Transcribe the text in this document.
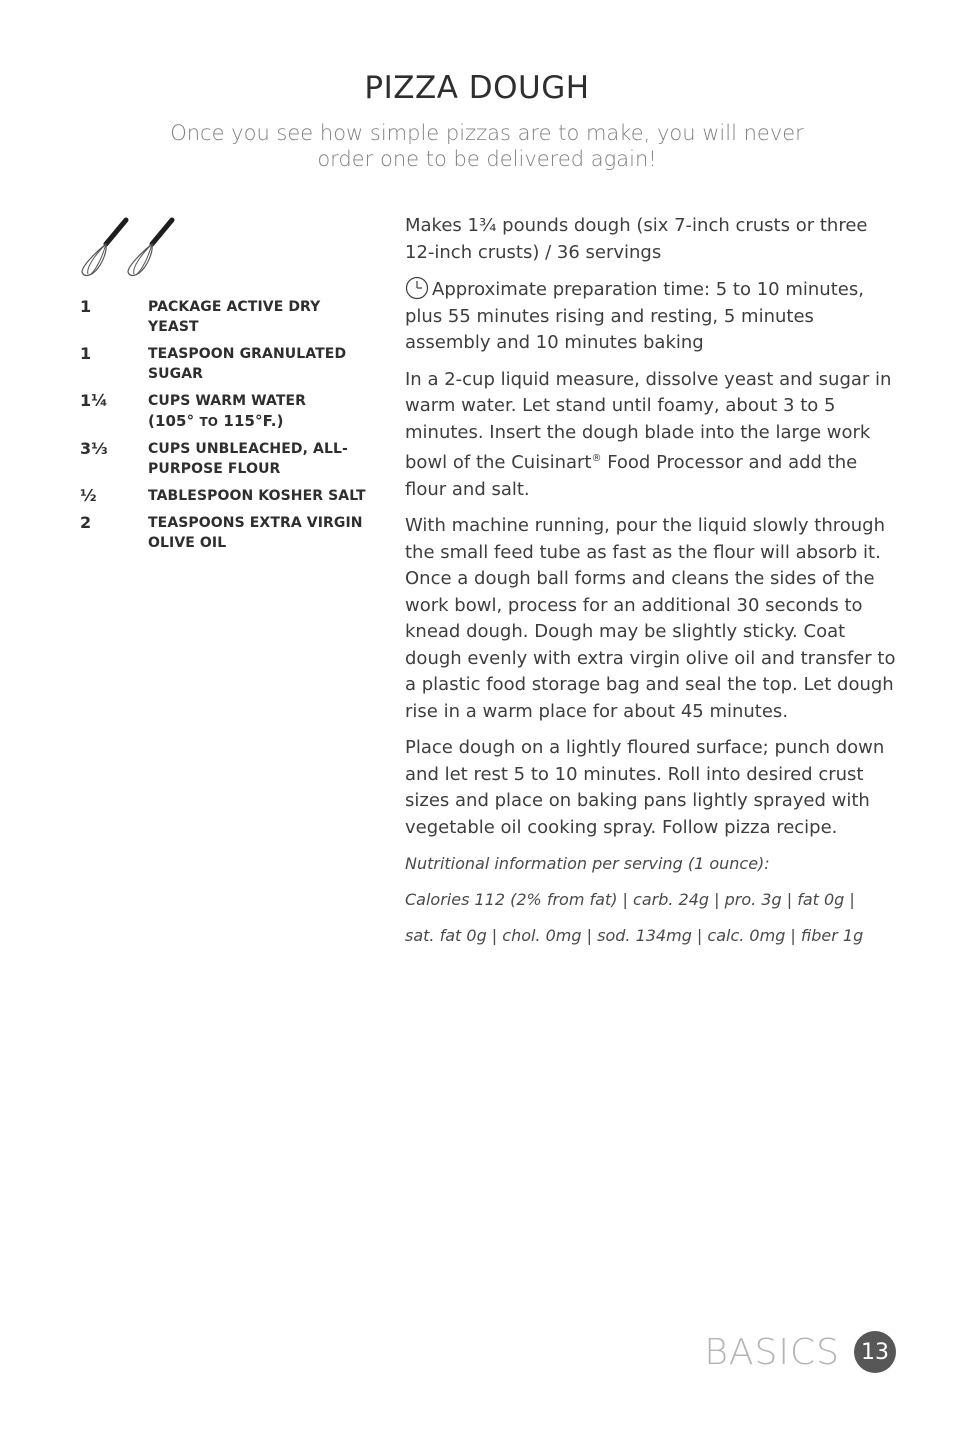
PIZZA DOUGH

Once you see how simple pizzas are to make, you will never order one to be delivered again!

1	PACKAGE ACTIVE DRY YEAST
1	TEASPOON GRANULATED SUGAR
1¼	CUPS WARM WATER
(105° TO 115°F.)
3⅓	CUPS UNBLEACHED, ALL-PURPOSE FLOUR
½	TABLESPOON KOSHER SALT
2	TEASPOONS EXTRA VIRGIN OLIVE OIL

Makes 1¾ pounds dough (six 7-inch crusts or three 12-inch crusts) / 36 servings

Approximate preparation time: 5 to 10 minutes, plus 55 minutes rising and resting, 5 minutes assembly and 10 minutes baking

In a 2-cup liquid measure, dissolve yeast and sugar in warm water. Let stand until foamy, about 3 to 5 minutes. Insert the dough blade into the large work bowl of the Cuisinart® Food Processor and add the flour and salt.

With machine running, pour the liquid slowly through the small feed tube as fast as the flour will absorb it. Once a dough ball forms and cleans the sides of the work bowl, process for an additional 30 seconds to knead dough. Dough may be slightly sticky. Coat dough evenly with extra virgin olive oil and transfer to a plastic food storage bag and seal the top. Let dough rise in a warm place for about 45 minutes.

Place dough on a lightly floured surface; punch down and let rest 5 to 10 minutes. Roll into desired crust sizes and place on baking pans lightly sprayed with vegetable oil cooking spray. Follow pizza recipe.

Nutritional information per serving (1 ounce):

Calories 112 (2% from fat) | carb. 24g | pro. 3g | fat 0g |

sat. fat 0g | chol. 0mg | sod. 134mg | calc. 0mg | fiber 1g

BASICS 13
